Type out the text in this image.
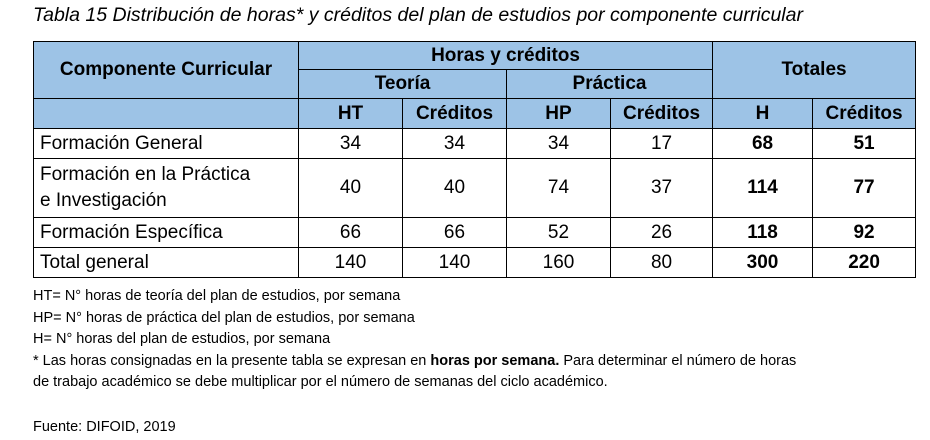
Tabla 15 Distribución de horas* y créditos del plan de estudios por componente curricular
Componente Curricular	Horas y créditos				Totales	
	Teoría		Práctica			
	HT	Créditos	HP	Créditos	H	Créditos
Formación General	34	34	34	17	68	51
Formación en la Práctica
e Investigación	40	40	74	37	114	77
Formación Específica	66	66	52	26	118	92
Total general	140	140	160	80	300	220
HT= N° horas de teoría del plan de estudios, por semana
HP= N° horas de práctica del plan de estudios, por semana
H= N° horas del plan de estudios, por semana
* Las horas consignadas en la presente tabla se expresan en horas por semana. Para determinar el número de horas
de trabajo académico se debe multiplicar por el número de semanas del ciclo académico.
Fuente: DIFOID, 2019
